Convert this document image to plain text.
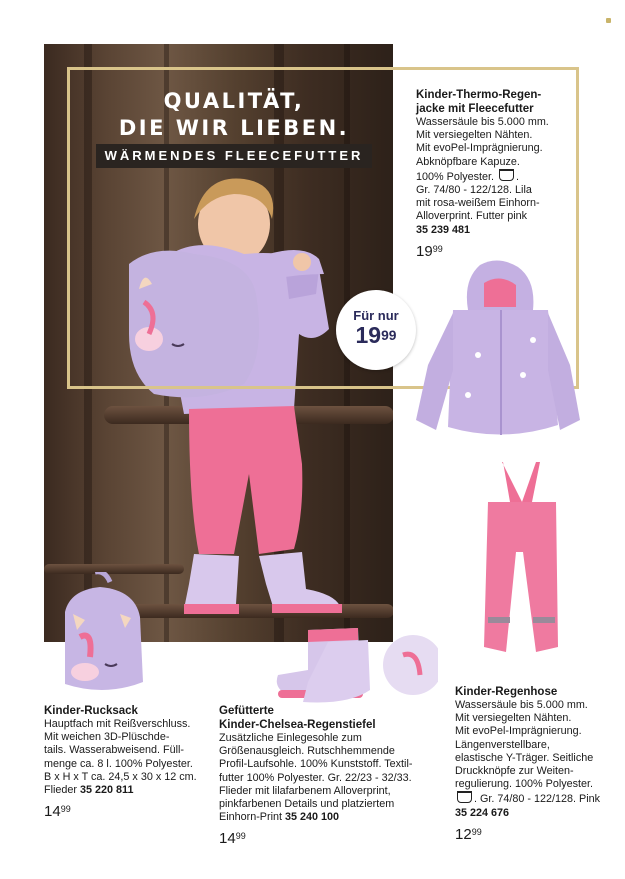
QUALITÄT,
DIE WIR LIEBEN.
WÄRMENDES FLEECEFUTTER
Für nur
$19^{99}$
Kinder-Thermo-Regen-
jacke mit Fleecefutter
Wassersäule bis 5.000 mm.
Mit versiegelten Nähten.
Mit evoPel-Imprägnierung.
Abknöpfbare Kapuze.
100% Polyester. .
Gr. 74/80 - 122/128. Lila
mit rosa-weißem Einhorn-
Alloverprint. Futter pink
35 239 481
$19^{99}$
Kinder-Rucksack
Hauptfach mit Reißverschluss.
Mit weichen 3D-Plüschde-
tails. Wasserabweisend. Füll-
menge ca. 8 l. 100% Polyester.
B x H x T ca. 24,5 x 30 x 12 cm.
Flieder 35 220 811
$14^{99}$
Gefütterte
Kinder-Chelsea-Regenstiefel
Zusätzliche Einlegesohle zum
Größenausgleich. Rutschhemmende
Profil-Laufsohle. 100% Kunststoff. Textil-
futter 100% Polyester. Gr. 22/23 - 32/33.
Flieder mit lilafarbenem Alloverprint,
pinkfarbenen Details und platziertem
Einhorn-Print 35 240 100
$14^{99}$
Kinder-Regenhose
Wassersäule bis 5.000 mm.
Mit versiegelten Nähten.
Mit evoPel-Imprägnierung.
Längenverstellbare,
elastische Y-Träger. Seitliche
Druckknöpfe zur Weiten-
regulierung. 100% Polyester.
. Gr. 74/80 - 122/128. Pink
35 224 676
$12^{99}$
